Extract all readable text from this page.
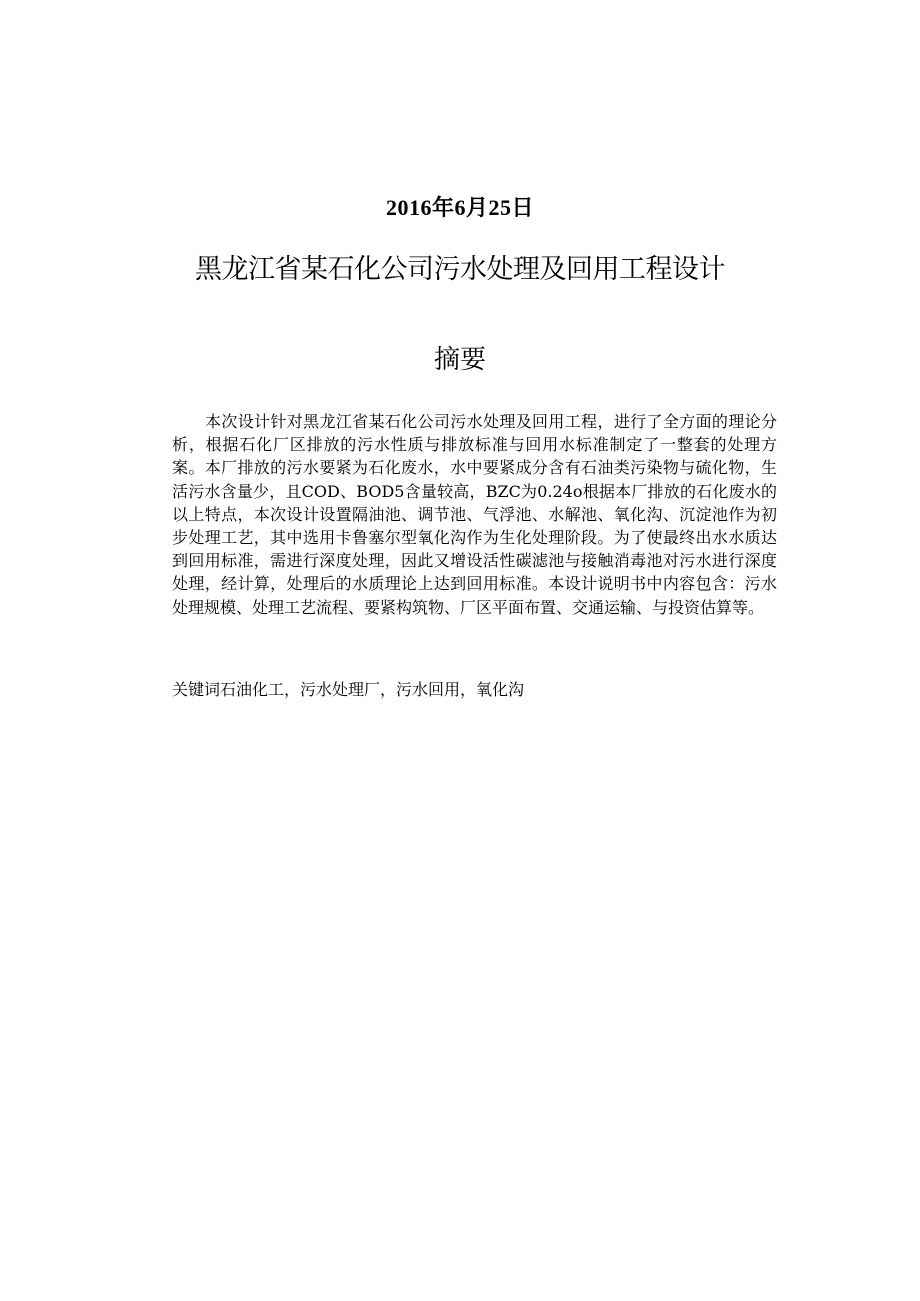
2016年6月25日
黑龙江省某石化公司污水处理及回用工程设计
摘要

本次设计针对黑龙江省某石化公司污水处理及回用工程，进行了全方面的理论分析，根据石化厂区排放的污水性质与排放标准与回用水标准制定了一整套的处理方案。本厂排放的污水要紧为石化废水，水中要紧成分含有石油类污染物与硫化物，生活污水含量少，且COD、BOD5含量较高，BZC为0.24o根据本厂排放的石化废水的以上特点，本次设计设置隔油池、调节池、气浮池、水解池、氧化沟、沉淀池作为初步处理工艺，其中选用卡鲁塞尔型氧化沟作为生化处理阶段。为了使最终出水水质达到回用标准，需进行深度处理，因此又增设活性碳滤池与接触消毒池对污水进行深度处理，经计算，处理后的水质理论上达到回用标准。本设计说明书中内容包含：污水处理规模、处理工艺流程、要紧构筑物、厂区平面布置、交通运输、与投资估算等。

关键词石油化工，污水处理厂，污水回用，氧化沟
